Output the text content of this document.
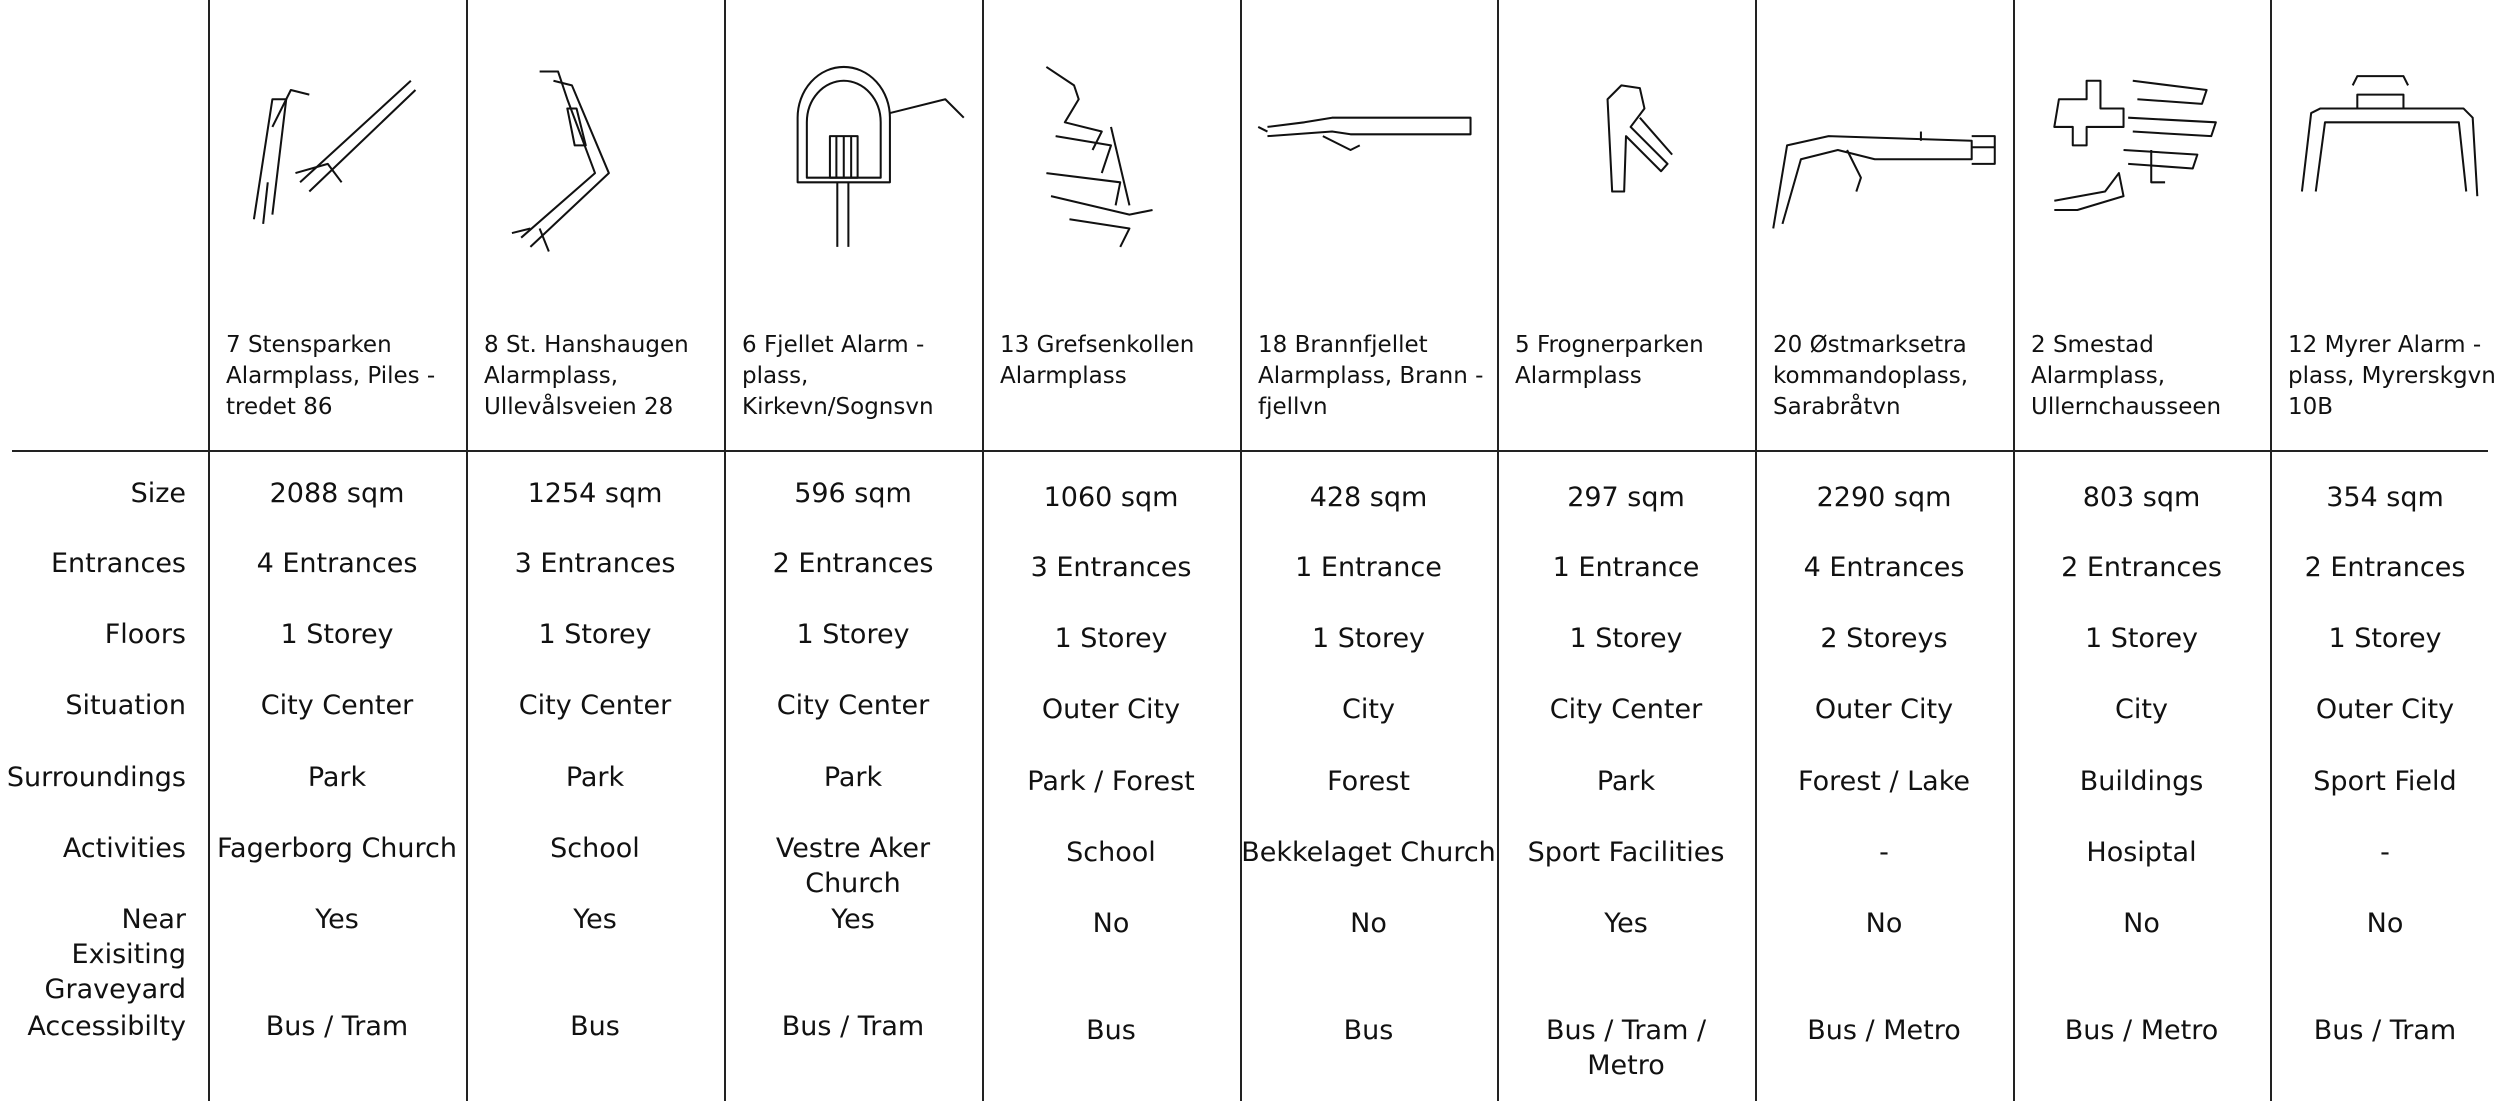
7 Stensparken
Alarmplass, Piles -
tredet 86
2088 sqm
4 Entrances
1 Storey
City Center
Park
Fagerborg Church
Yes
Bus / Tram
8 St. Hanshaugen
Alarmplass,
Ullevålsveien 28
1254 sqm
3 Entrances
1 Storey
City Center
Park
School
Yes
Bus
6 Fjellet Alarm -
plass,
Kirkevn/Sognsvn
596 sqm
2 Entrances
1 Storey
City Center
Park
Vestre Aker Church
Yes
Bus / Tram
13 Grefsenkollen
Alarmplass
1060 sqm
3 Entrances
1 Storey
Outer City
Park / Forest
School
No
Bus
18 Brannfjellet
Alarmplass, Brann -
fjellvn
428 sqm
1 Entrance
1 Storey
City
Forest
Bekkelaget Church
No
Bus
5 Frognerparken
Alarmplass
297 sqm
1 Entrance
1 Storey
City Center
Park
Sport Facilities
Yes
Bus / Tram /
Metro
20 Østmarksetra
kommandoplass,
Sarabråtvn
2290 sqm
4 Entrances
2 Storeys
Outer City
Forest / Lake
-
No
Bus / Metro
2 Smestad
Alarmplass,
Ullernchausseen
803 sqm
2 Entrances
1 Storey
City
Buildings
Hosiptal
No
Bus / Metro
12 Myrer Alarm -
plass, Myrerskgvn
10B
354 sqm
2 Entrances
1 Storey
Outer City
Sport Field
-
No
Bus / Tram
Size
Entrances
Floors
Situation
Surroundings
Activities
Near Exisiting
Graveyard
Accessibilty
